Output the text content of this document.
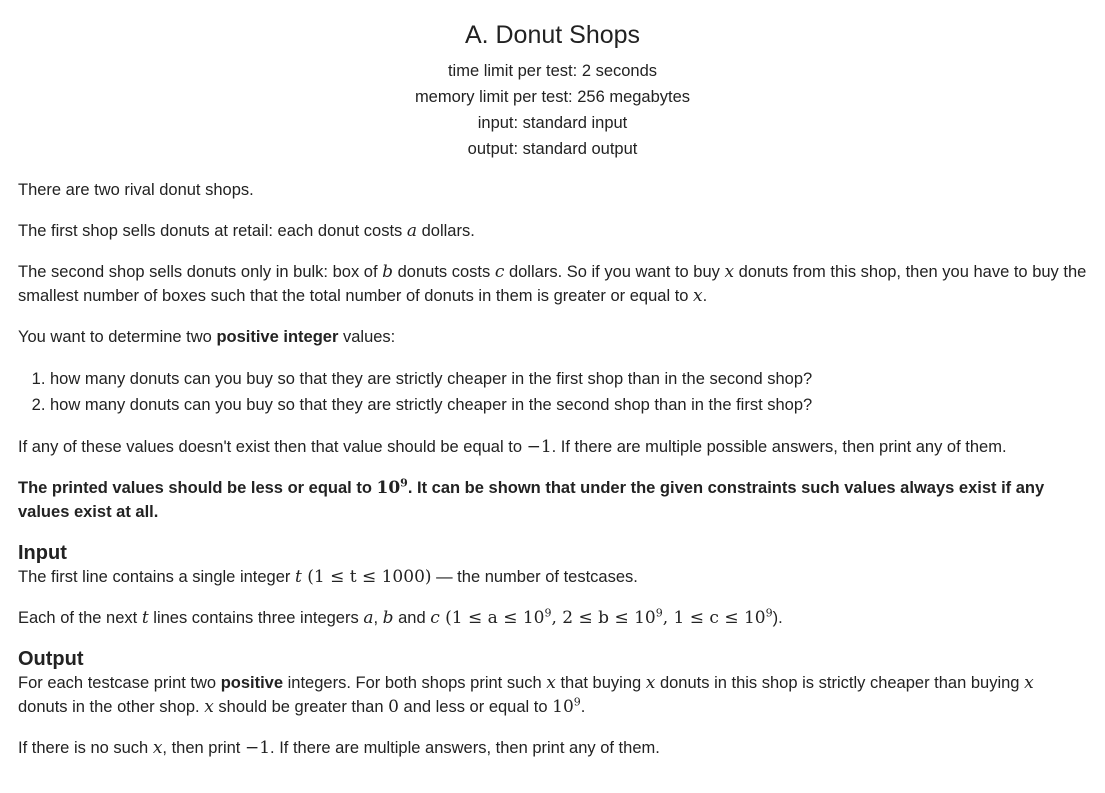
A. Donut Shops
time limit per test: 2 seconds
memory limit per test: 256 megabytes
input: standard input
output: standard output

There are two rival donut shops.

The first shop sells donuts at retail: each donut costs a dollars.

The second shop sells donuts only in bulk: box of b donuts costs c dollars. So if you want to buy x donuts from this shop, then you have to buy the smallest number of boxes such that the total number of donuts in them is greater or equal to x.

You want to determine two positive integer values:

1. how many donuts can you buy so that they are strictly cheaper in the first shop than in the second shop?
2. how many donuts can you buy so that they are strictly cheaper in the second shop than in the first shop?

If any of these values doesn't exist then that value should be equal to −1. If there are multiple possible answers, then print any of them.

The printed values should be less or equal to $10^9$. It can be shown that under the given constraints such values always exist if any values exist at all.

Input

The first line contains a single integer t (1 ≤ t ≤ 1000) — the number of testcases.

Each of the next t lines contains three integers a, b and c ($1 \le a \le 10^9$, $2 \le b \le 10^9$, $1 \le c \le 10^9$).

Output

For each testcase print two positive integers. For both shops print such x that buying x donuts in this shop is strictly cheaper than buying x donuts in the other shop. x should be greater than 0 and less or equal to $10^9$.

If there is no such x, then print −1. If there are multiple answers, then print any of them.
